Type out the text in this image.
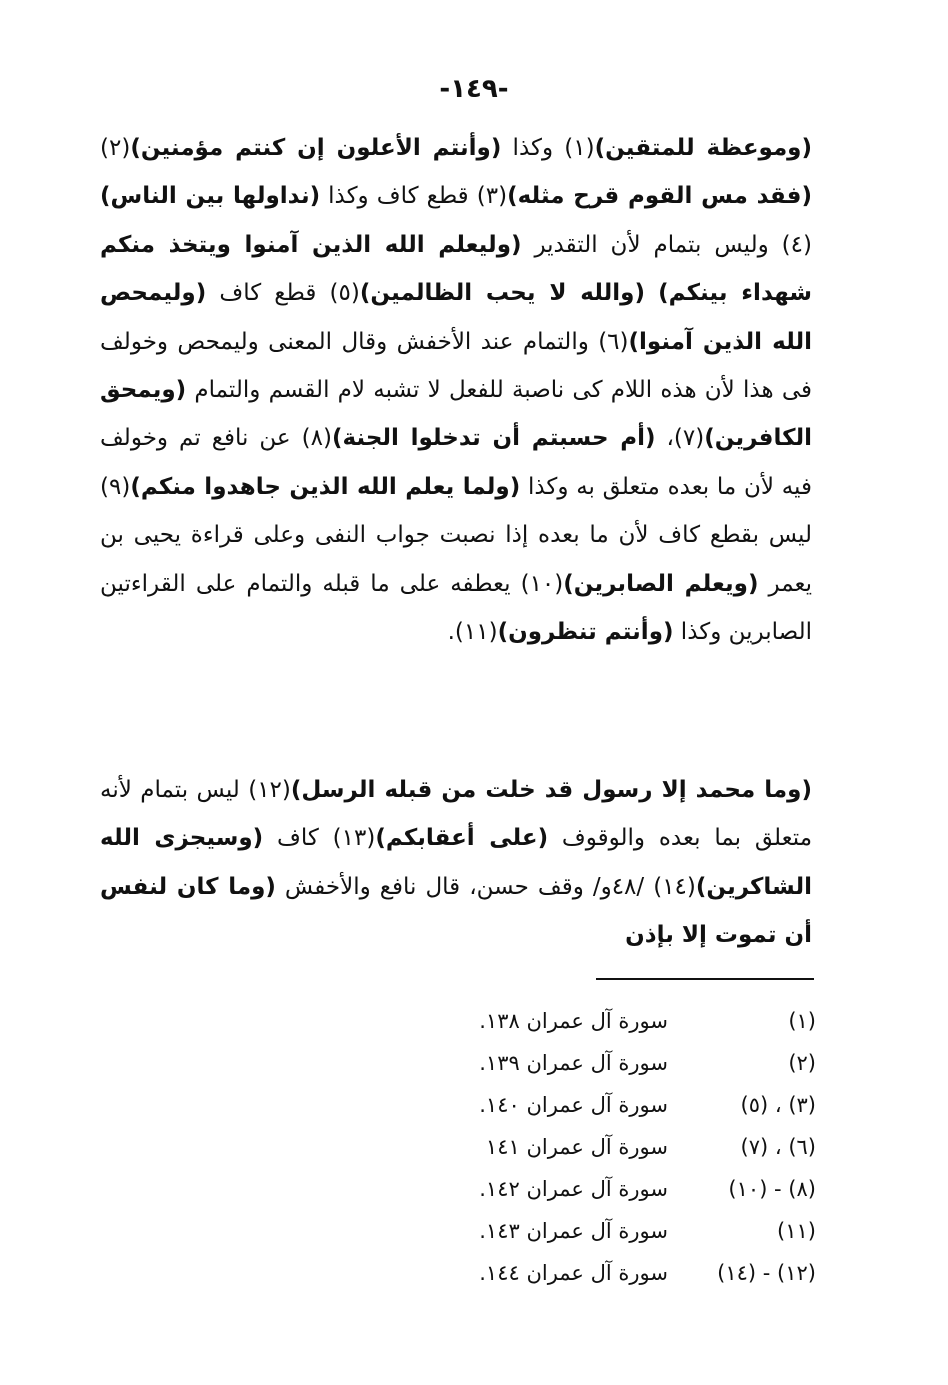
-١٤٩-
(وموعظة للمتقين)(١) وكذا (وأنتم الأعلون إن كنتم مؤمنين)(٢) (فقد مس القوم قرح مثله)(٣) قطع كاف وكذا (نداولها بين الناس)(٤) وليس بتمام لأن التقدير (وليعلم الله الذين آمنوا ويتخذ منكم شهداء بينكم) (والله لا يحب الظالمين)(٥) قطع كاف (وليمحص الله الذين آمنوا)(٦) والتمام عند الأخفش وقال المعنى وليمحص وخولف فى هذا لأن هذه اللام كى ناصبة للفعل لا تشبه لام القسم والتمام (ويمحق الكافرين)(٧)، (أم حسبتم أن تدخلوا الجنة)(٨) عن نافع تم وخولف فيه لأن ما بعده متعلق به وكذا (ولما يعلم الله الذين جاهدوا منكم)(٩) ليس بقطع كاف لأن ما بعده إذا نصبت جواب النفى وعلى قراءة يحيى بن يعمر (ويعلم الصابرين)(١٠) يعطفه على ما قبله والتمام على القراءتين الصابرين وكذا (وأنتم تنظرون)(١١).
(وما محمد إلا رسول قد خلت من قبله الرسل)(١٢) ليس بتمام لأنه متعلق بما بعده والوقوف (على أعقابكم)(١٣) كاف (وسيجزى الله الشاكرين)(١٤) /٤٨و/ وقف حسن، قال نافع والأخفش (وما كان لنفس أن تموت إلا بإذن
(١)
سورة آل عمران ١٣٨.
(٢)
سورة آل عمران ١٣٩.
(٣) ، (٥)
سورة آل عمران ١٤٠.
(٦) ، (٧)
سورة آل عمران ١٤١
(٨) - (١٠)
سورة آل عمران ١٤٢.
(١١)
سورة آل عمران ١٤٣.
(١٢) - (١٤)
سورة آل عمران ١٤٤.
